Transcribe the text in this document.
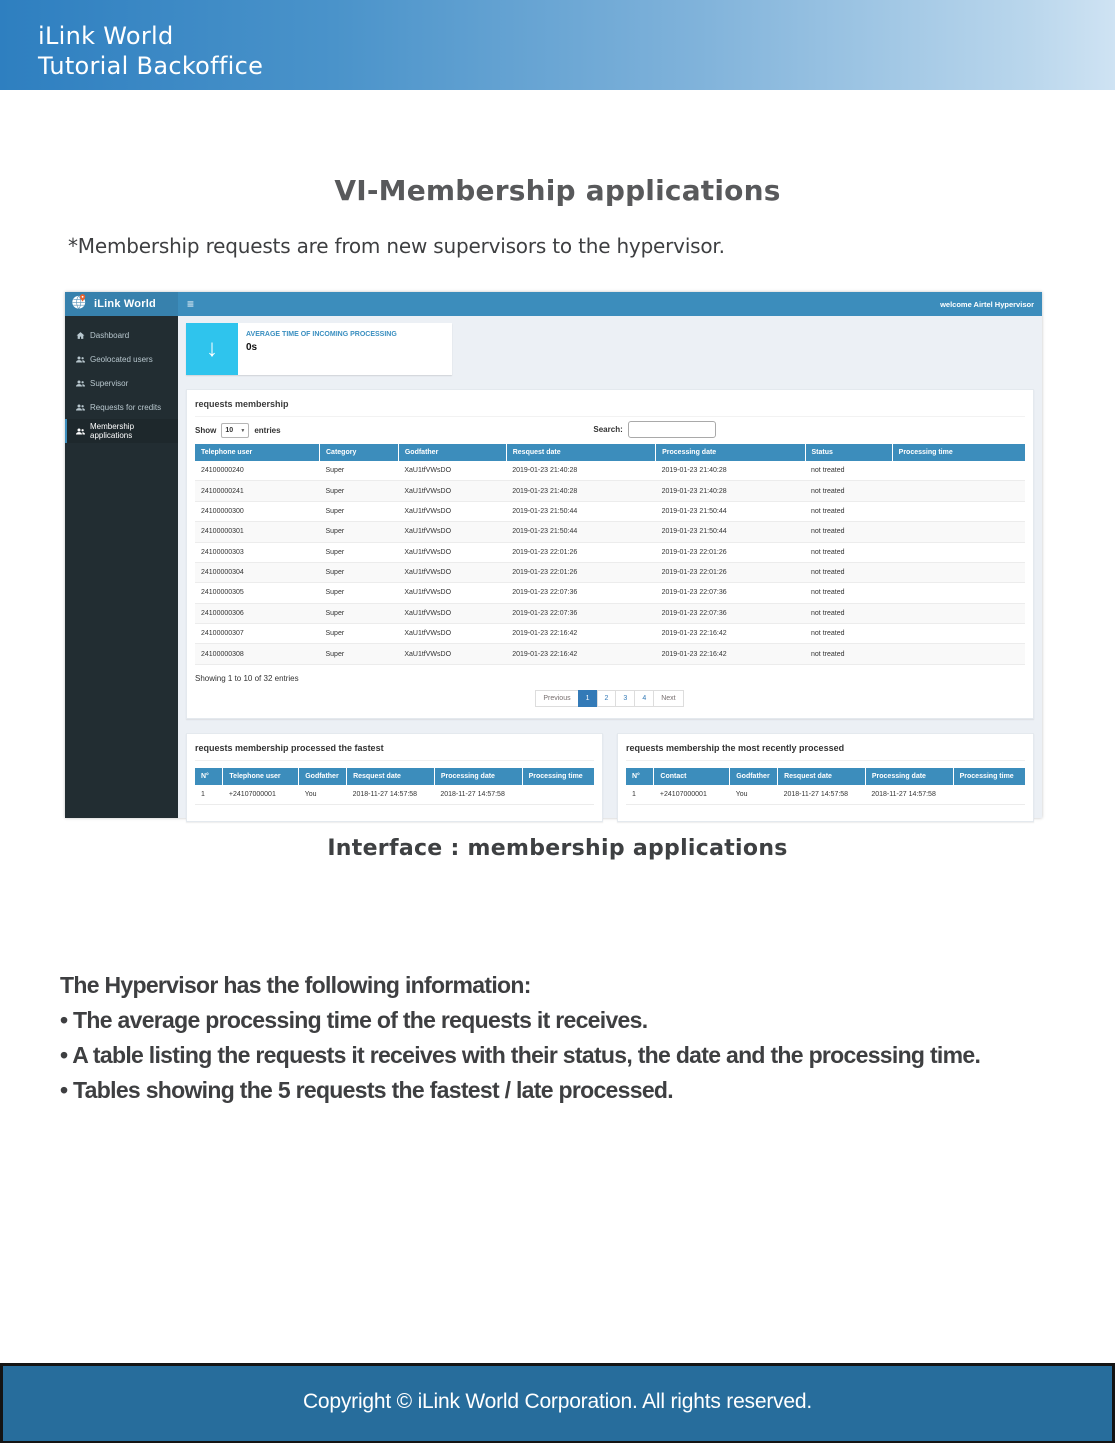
iLink World
Tutorial Backoffice
VI-Membership applications
*Membership requests are from new supervisors to the hypervisor.
iLink World	≡	welcome Airtel Hypervisor
Dashboard
Geolocated users
Supervisor
Requests for credits
Membership applications
↓
AVERAGE TIME OF INCOMING PROCESSING
0s
requests membership
Show 10 ▼ entries	Search:
Telephone user	Category	Godfather	Resquest date	Processing date	Status	Processing time
24100000240	Super	XaU1tfVWsDO	2019-01-23 21:40:28	2019-01-23 21:40:28	not treated	
24100000241	Super	XaU1tfVWsDO	2019-01-23 21:40:28	2019-01-23 21:40:28	not treated	
24100000300	Super	XaU1tfVWsDO	2019-01-23 21:50:44	2019-01-23 21:50:44	not treated	
24100000301	Super	XaU1tfVWsDO	2019-01-23 21:50:44	2019-01-23 21:50:44	not treated	
24100000303	Super	XaU1tfVWsDO	2019-01-23 22:01:26	2019-01-23 22:01:26	not treated	
24100000304	Super	XaU1tfVWsDO	2019-01-23 22:01:26	2019-01-23 22:01:26	not treated	
24100000305	Super	XaU1tfVWsDO	2019-01-23 22:07:36	2019-01-23 22:07:36	not treated	
24100000306	Super	XaU1tfVWsDO	2019-01-23 22:07:36	2019-01-23 22:07:36	not treated	
24100000307	Super	XaU1tfVWsDO	2019-01-23 22:16:42	2019-01-23 22:16:42	not treated	
24100000308	Super	XaU1tfVWsDO	2019-01-23 22:16:42	2019-01-23 22:16:42	not treated	
Showing 1 to 10 of 32 entries
Previous	1	2	3	4	Next
requests membership processed the fastest
N°	Telephone user	Godfather	Resquest date	Processing date	Processing time
1	+24107000001	You	2018-11-27 14:57:58	2018-11-27 14:57:58	
requests membership the most recently processed
N°	Contact	Godfather	Resquest date	Processing date	Processing time
1	+24107000001	You	2018-11-27 14:57:58	2018-11-27 14:57:58	
Interface : membership applications
The Hypervisor has the following information:
• The average processing time of the requests it receives.
• A table listing the requests it receives with their status, the date and the processing time.
• Tables showing the 5 requests the fastest / late processed.
Copyright © iLink World Corporation. All rights reserved.
